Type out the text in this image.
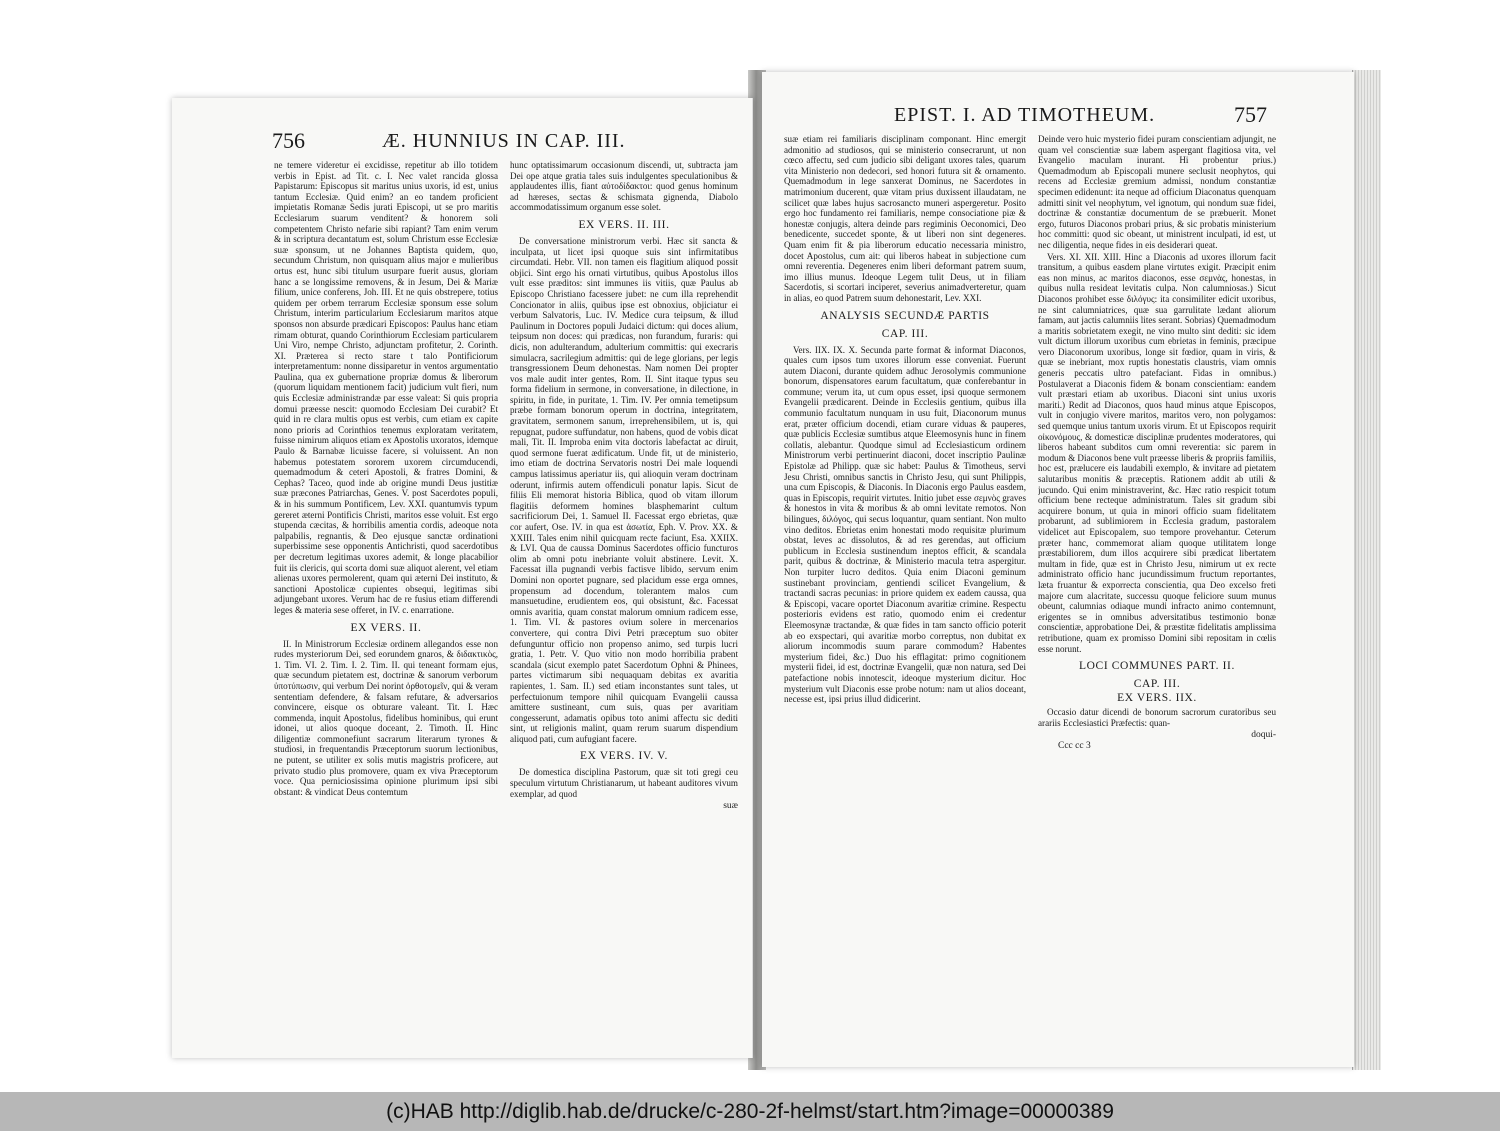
756	Æ. HUNNIUS IN CAP. III.

ne temere videretur ei excidisse, repetitur ab illo totidem verbis in Epist. ad Tit. c. I. Nec valet rancida glossa Papistarum: Episcopus sit maritus unius uxoris, id est, unius tantum Ecclesiæ. Quid enim? an eo tandem proficient impietatis Romanæ Sedis jurati Episcopi, ut se pro maritis Ecclesiarum suarum venditent? & honorem soli competentem Christo nefarie sibi rapiant? Tam enim verum & in scriptura decantatum est, solum Christum esse Ecclesiæ suæ sponsum, ut ne Johannes Baptista quidem, quo, secundum Christum, non quisquam alius major e mulieribus ortus est, hunc sibi titulum usurpare fuerit ausus, gloriam hanc a se longissime removens, & in Jesum, Dei & Mariæ filium, unice conferens, Joh. III. Et ne quis obstrepere, totius quidem per orbem terrarum Ecclesiæ sponsum esse solum Christum, interim particularium Ecclesiarum maritos atque sponsos non absurde prædicari Episcopos: Paulus hanc etiam rimam obturat, quando Corinthiorum Ecclesiam particularem Uni Viro, nempe Christo, adjunctam profitetur, 2. Corinth. XI. Præterea si recto stare t talo Pontificiorum interpretamentum: nonne dissiparetur in ventos argumentatio Paulina, qua ex gubernatione propriæ domus & liberorum (quorum liquidam mentionem facit) judicium vult fieri, num quis Ecclesiæ administrandæ par esse valeat: Si quis propria domui præesse nescit: quomodo Ecclesiam Dei curabit? Et quid in re clara multis opus est verbis, cum etiam ex capite nono prioris ad Corinthios tenemus exploratam veritatem, fuisse nimirum aliquos etiam ex Apostolis uxoratos, idemque Paulo & Barnabæ licuisse facere, si voluissent. An non habemus potestatem sororem uxorem circumducendi, quemadmodum & ceteri Apostoli, & fratres Domini, & Cephas? Taceo, quod inde ab origine mundi Deus justitiæ suæ præcones Patriarchas, Genes. V. post Sacerdotes populi, & in his summum Pontificem, Lev. XXI. quantumvis typum gereret æterni Pontificis Christi, maritos esse voluit. Est ergo stupenda cæcitas, & horribilis amentia cordis, adeoque nota palpabilis, regnantis, & Deo ejusque sanctæ ordinationi superbissime sese opponentis Antichristi, quod sacerdotibus per decretum legitimas uxores ademit, & longe placabilior fuit iis clericis, qui scorta domi suæ aliquot alerent, vel etiam alienas uxores permolerent, quam qui æterni Dei instituto, & sanctioni Apostolicæ cupientes obsequi, legitimas sibi adjungebant uxores. Verum hac de re fusius etiam differendi leges & materia sese offeret, in IV. c. enarratione.

EX VERS. II.

II. In Ministrorum Ecclesiæ ordinem allegandos esse non rudes mysteriorum Dei, sed eorundem gnaros, & διδακτικὸς, 1. Tim. VI. 2. Tim. I. 2. Tim. II. qui teneant formam ejus, quæ secundum pietatem est, doctrinæ & sanorum verborum ὑποτύπωσιν, qui verbum Dei norint ὀρθοτομεῖν, qui & veram sententiam defendere, & falsam refutare, & adversarios convincere, eisque os obturare valeant. Tit. I. Hæc commenda, inquit Apostolus, fidelibus hominibus, qui erunt idonei, ut alios quoque doceant, 2. Timoth. II. Hinc diligentiæ commonefiunt sacrarum literarum tyrones & studiosi, in frequentandis Præceptorum suorum lectionibus, ne putent, se utiliter ex solis mutis magistris proficere, aut privato studio plus promovere, quam ex viva Præceptorum voce. Qua perniciosissima opinione plurimum ipsi sibi obstant: & vindicat Deus contemtum

hunc optatissimarum occasionum discendi, ut, subtracta jam Dei ope atque gratia tales suis indulgentes speculationibus & applaudentes illis, fiant αὐτοδίδακτοι: quod genus hominum ad hæreses, sectas & schismata gignenda, Diabolo accommodatissimum organum esse solet.

EX VERS. II. III.

De conversatione ministrorum verbi. Hæc sit sancta & inculpata, ut licet ipsi quoque suis sint infirmitatibus circumdati. Hebr. VII. non tamen eis flagitium aliquod possit objici. Sint ergo his ornati virtutibus, quibus Apostolus illos vult esse præditos: sint immunes iis vitiis, quæ Paulus ab Episcopo Christiano facessere jubet: ne cum illa reprehendit Concionator in aliis, quibus ipse est obnoxius, objiciatur ei verbum Salvatoris, Luc. IV. Medice cura teipsum, & illud Paulinum in Doctores populi Judaici dictum: qui doces alium, teipsum non doces: qui prædicas, non furandum, furaris: qui dicis, non adulterandum, adulterium committis: qui execraris simulacra, sacrilegium admittis: qui de lege glorians, per legis transgressionem Deum dehonestas. Nam nomen Dei propter vos male audit inter gentes, Rom. II. Sint itaque typus seu forma fidelium in sermone, in conversatione, in dilectione, in spiritu, in fide, in puritate, 1. Tim. IV. Per omnia temetipsum præbe formam bonorum operum in doctrina, integritatem, gravitatem, sermonem sanum, irreprehensibilem, ut is, qui repugnat, pudore suffundatur, non habens, quod de vobis dicat mali, Tit. II. Improba enim vita doctoris labefactat ac diruit, quod sermone fuerat ædificatum. Unde fit, ut de ministerio, imo etiam de doctrina Servatoris nostri Dei male loquendi campus latissimus aperiatur iis, qui alioquin veram doctrinam oderunt, infirmis autem offendiculi ponatur lapis. Sicut de filiis Eli memorat historia Biblica, quod ob vitam illorum flagitiis deformem homines blasphemarint cultum sacrificiorum Dei, 1. Samuel II. Facessat ergo ebrietas, quæ cor aufert, Ose. IV. in qua est ἀσωτία, Eph. V. Prov. XX. & XXIII. Tales enim nihil quicquam recte faciunt, Esa. XXIIX. & LVI. Qua de caussa Dominus Sacerdotes officio functuros olim ab omni potu inebriante voluit abstinere. Levit. X. Facessat illa pugnandi verbis factisve libido, servum enim Domini non oportet pugnare, sed placidum esse erga omnes, propensum ad docendum, tolerantem malos cum mansuetudine, erudientem eos, qui obsistunt, &c. Facessat omnis avaritia, quam constat malorum omnium radicem esse, 1. Tim. VI. & pastores ovium solere in mercenarios convertere, qui contra Divi Petri præceptum suo obiter defunguntur officio non propenso animo, sed turpis lucri gratia, 1. Petr. V. Quo vitio non modo horribilia prabent scandala (sicut exemplo patet Sacerdotum Ophni & Phinees, partes victimarum sibi nequaquam debitas ex avaritia rapientes, 1. Sam. II.) sed etiam inconstantes sunt tales, ut perfectuionum tempore nihil quicquam Evangelii caussa amittere sustineant, cum suis, quas per avaritiam congesserunt, adamatis opibus toto animi affectu sic dediti sint, ut religionis malint, quam rerum suarum dispendium aliquod pati, cum aufugiant facere.

EX VERS. IV. V.

De domestica disciplina Pastorum, quæ sit toti gregi ceu speculum virtutum Christianarum, ut habeant auditores vivum exemplar, ad quod

suæ
EPIST. I. AD TIMOTHEUM.	757

suæ etiam rei familiaris disciplinam componant. Hinc emergit admonitio ad studiosos, qui se ministerio consecrarunt, ut non cœco affectu, sed cum judicio sibi deligant uxores tales, quarum vita Ministerio non dedecori, sed honori futura sit & ornamento. Quemadmodum in lege sanxerat Dominus, ne Sacerdotes in matrimonium ducerent, quæ vitam prius duxissent illaudatam, ne scilicet quæ labes hujus sacrosancto muneri aspergeretur. Posito ergo hoc fundamento rei familiaris, nempe consociatione piæ & honestæ conjugis, altera deinde pars regiminis Oeconomici, Deo benedicente, succedet sponte, & ut liberi non sint degeneres. Quam enim fit & pia liberorum educatio necessaria ministro, docet Apostolus, cum ait: qui liberos habeat in subjectione cum omni reverentia. Degeneres enim liberi deformant patrem suum, imo illius munus. Ideoque Legem tulit Deus, ut in filiam Sacerdotis, si scortari inciperet, severius animadverteretur, quam in alias, eo quod Patrem suum dehonestarit, Lev. XXI.

ANALYSIS SECUNDÆ PARTIS
CAP. III.

Vers. IIX. IX. X. Secunda parte format & informat Diaconos, quales cum ipsos tum uxores illorum esse conveniat. Fuerunt autem Diaconi, durante quidem adhuc Jerosolymis communione bonorum, dispensatores earum facultatum, quæ conferebantur in commune; verum ita, ut cum opus esset, ipsi quoque sermonem Evangelii prædicarent. Deinde in Ecclesiis gentium, quibus illa communio facultatum nunquam in usu fuit, Diaconorum munus erat, præter officium docendi, etiam curare viduas & pauperes, quæ publicis Ecclesiæ sumtibus atque Eleemosynis hunc in finem collatis, alebantur. Quodque simul ad Ecclesiasticum ordinem Ministrorum verbi pertinuerint diaconi, docet inscriptio Paulinæ Epistolæ ad Philipp. quæ sic habet: Paulus & Timotheus, servi Jesu Christi, omnibus sanctis in Christo Jesu, qui sunt Philippis, una cum Episcopis, & Diaconis. In Diaconis ergo Paulus easdem, quas in Episcopis, requirit virtutes. Initio jubet esse σεμνὸς graves & honestos in vita & moribus & ab omni levitate remotos. Non bilingues, διλόγος, qui secus loquantur, quam sentiant. Non multo vino deditos. Ebrietas enim honestati modo requisitæ plurimum obstat, leves ac dissolutos, & ad res gerendas, aut officium publicum in Ecclesia sustinendum ineptos efficit, & scandala parit, quibus & doctrinæ, & Ministerio macula tetra aspergitur. Non turpiter lucro deditos. Quia enim Diaconi geminum sustinebant provinciam, gentiendi scilicet Evangelium, & tractandi sacras pecunias: in priore quidem ex eadem caussa, qua & Episcopi, vacare oportet Diaconum avaritiæ crimine. Respectu posterioris evidens est ratio, quomodo enim ei credentur Eleemosynæ tractandæ, & quæ fides in tam sancto officio poterit ab eo exspectari, qui avaritiæ morbo correptus, non dubitat ex aliorum incommodis suum parare commodum? Habentes mysterium fidei, &c.) Duo his efflagitat: primo cognitionem mysterii fidei, id est, doctrinæ Evangelii, quæ non natura, sed Dei patefactione nobis innotescit, ideoque mysterium dicitur. Hoc mysterium vult Diaconis esse probe notum: nam ut alios doceant, necesse est, ipsi prius illud didicerint.

Deinde vero huic mysterio fidei puram conscientiam adjungit, ne quam vel conscientiæ suæ labem aspergant flagitiosa vita, vel Evangelio maculam inurant. Hi probentur prius.) Quemadmodum ab Episcopali munere seclusit neophytos, qui recens ad Ecclesiæ gremium admissi, nondum constantiæ specimen edidenunt: ita neque ad officium Diaconatus quenquam admitti sinit vel neophytum, vel ignotum, qui nondum suæ fidei, doctrinæ & constantiæ documentum de se præbuerit. Monet ergo, futuros Diaconos probari prius, & sic probatis ministerium hoc committi: quod sic obeant, ut ministrent inculpati, id est, ut nec diligentia, neque fides in eis desiderari queat.

Vers. XI. XII. XIII. Hinc a Diaconis ad uxores illorum facit transitum, a quibus easdem plane virtutes exigit. Præcipit enim eas non minus, ac maritos diaconos, esse σεμνὰς, honestas, in quibus nulla resideat levitatis culpa. Non calumniosas.) Sicut Diaconos prohibet esse διλόγυς: ita consimiliter edicit uxoribus, ne sint calumniatrices, quæ sua garrulitate lædant aliorum famam, aut jactis calumniis lites serant. Sobrias) Quemadmodum a maritis sobrietatem exegit, ne vino multo sint dediti: sic idem vult dictum illorum uxoribus cum ebrietas in feminis, præcipue vero Diaconorum uxoribus, longe sit fœdior, quam in viris, & quæ se inebriant, mox ruptis honestatis claustris, viam omnis generis peccatis ultro patefaciant. Fidas in omnibus.) Postulaverat a Diaconis fidem & bonam conscientiam: eandem vult præstari etiam ab uxoribus. Diaconi sint unius uxoris mariti.) Redit ad Diaconos, quos haud minus atque Episcopos, vult in conjugio vivere maritos, maritos vero, non polygamos: sed quemque unius tantum uxoris virum. Et ut Episcopos requirit οἰκονόμους, & domesticæ disciplinæ prudentes moderatores, qui liberos habeant subditos cum omni reverentia: sic parem in modum & Diaconos bene vult præesse liberis & propriis familiis, hoc est, prælucere eis laudabili exemplo, & invitare ad pietatem salutaribus monitis & præceptis. Rationem addit ab utili & jucundo. Qui enim ministraverint, &c. Hæc ratio respicit totum officium bene recteque administratum. Tales sit gradum sibi acquirere bonum, ut quia in minori officio suam fidelitatem probarunt, ad sublimiorem in Ecclesia gradum, pastoralem videlicet aut Episcopalem, suo tempore provehantur. Ceterum præter hanc, commemorat aliam quoque utilitatem longe præstabiliorem, dum illos acquirere sibi prædicat libertatem multam in fide, quæ est in Christo Jesu, nimirum ut ex recte administrato officio hanc jucundissimum fructum reportantes, læta fruantur & exporrecta conscientia, qua Deo excelso freti majore cum alacritate, successu quoque feliciore suum munus obeunt, calumnias odiaque mundi infracto animo contemnunt, erigentes se in omnibus adversitatibus testimonio bonæ conscientiæ, approbatione Dei, & præstitæ fidelitatis amplissima retributione, quam ex promisso Domini sibi repositam in cœlis esse norunt.

LOCI COMMUNES PART. II.
CAP. III.
EX VERS. IIX.

Occasio datur dicendi de bonorum sacrorum curatoribus seu arariis Ecclesiastici Præfectis: quan-

doqui-
Ccc cc 3
(c)HAB http://diglib.hab.de/drucke/c-280-2f-helmst/start.htm?image=00000389
